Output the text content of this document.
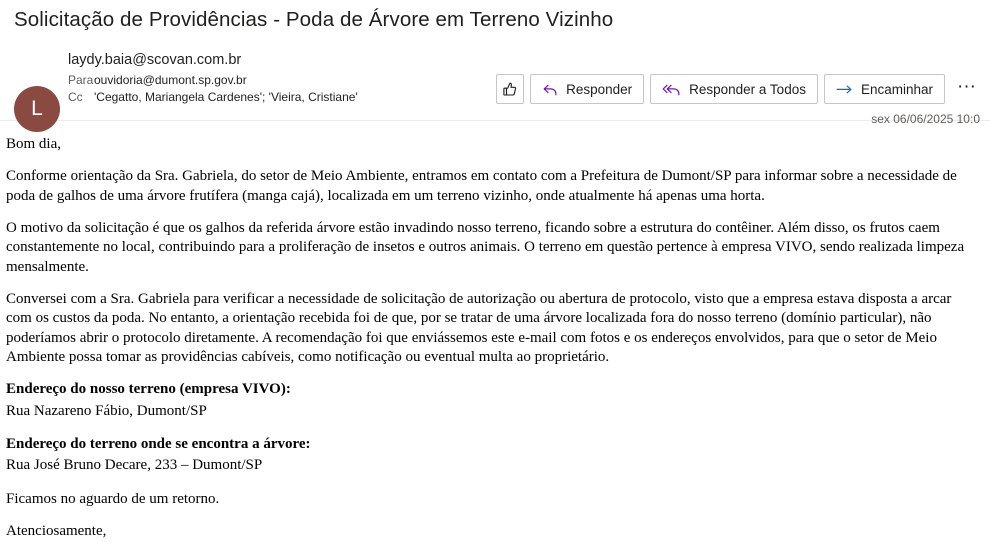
Solicitação de Providências - Poda de Árvore em Terreno Vizinho
L
laydy.baia@scovan.com.br
Para ouvidoria@dumont.sp.gov.br
Cc 'Cegatto, Mariangela Cardenes'; 'Vieira, Cristiane'
Responder	Responder a Todos	Encaminhar	···
sex 06/06/2025 10:0

Bom dia,

Conforme orientação da Sra. Gabriela, do setor de Meio Ambiente, entramos em contato com a Prefeitura de Dumont/SP para informar sobre a necessidade de poda de galhos de uma árvore frutífera (manga cajá), localizada em um terreno vizinho, onde atualmente há apenas uma horta.

O motivo da solicitação é que os galhos da referida árvore estão invadindo nosso terreno, ficando sobre a estrutura do contêiner. Além disso, os frutos caem constantemente no local, contribuindo para a proliferação de insetos e outros animais. O terreno em questão pertence à empresa VIVO, sendo realizada limpeza mensalmente.

Conversei com a Sra. Gabriela para verificar a necessidade de solicitação de autorização ou abertura de protocolo, visto que a empresa estava disposta a arcar com os custos da poda. No entanto, a orientação recebida foi de que, por se tratar de uma árvore localizada fora do nosso terreno (domínio particular), não poderíamos abrir o protocolo diretamente. A recomendação foi que enviássemos este e-mail com fotos e os endereços envolvidos, para que o setor de Meio Ambiente possa tomar as providências cabíveis, como notificação ou eventual multa ao proprietário.

Endereço do nosso terreno (empresa VIVO):

Rua Nazareno Fábio, Dumont/SP

Endereço do terreno onde se encontra a árvore:

Rua José Bruno Decare, 233 – Dumont/SP

Ficamos no aguardo de um retorno.

Atenciosamente,
